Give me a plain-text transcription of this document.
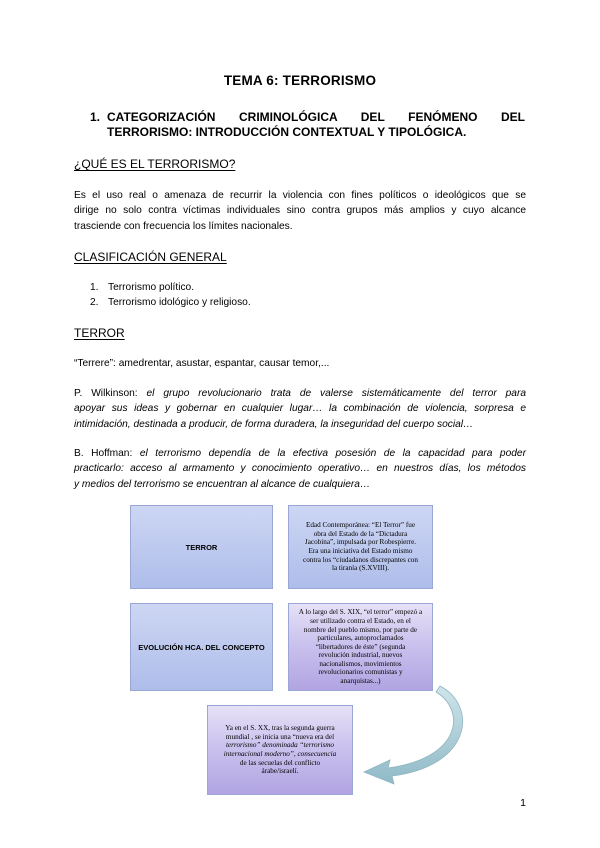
TEMA 6: TERRORISMO
1. CATEGORIZACIÓN CRIMINOLÓGICA DEL FENÓMENO DEL
TERRORISMO: INTRODUCCIÓN CONTEXTUAL Y TIPOLÓGICA.
¿QUÉ ES EL TERRORISMO?
Es el uso real o amenaza de recurrir la violencia con fines políticos o ideológicos que se
dirige no solo contra víctimas individuales sino contra grupos más amplios y cuyo alcance
trasciende con frecuencia los límites nacionales.
CLASIFICACIÓN GENERAL
1. Terrorismo político.
2. Terrorismo idológico y religioso.
TERROR
“Terrere”: amedrentar, asustar, espantar, causar temor,...
P. Wilkinson: el grupo revolucionario trata de valerse sistemáticamente del terror para
apoyar sus ideas y gobernar en cualquier lugar… la combinación de violencia, sorpresa e
intimidación, destinada a producir, de forma duradera, la inseguridad del cuerpo social…
B. Hoffman: el terrorismo dependía de la efectiva posesión de la capacidad para poder
practicarlo: acceso al armamento y conocimiento operativo… en nuestros días, los métodos
y medios del terrorismo se encuentran al alcance de cualquiera…
TERROR
Edad Contemporánea: “El Terror” fue
obra del Estado de la “Dictadura
Jacobina”, impulsada por Robespierre.
Era una iniciativa del Estado mismo
contra los “ciudadanos discrepantes con
la tiranía (S.XVIII).
EVOLUCIÓN HCA. DEL CONCEPTO
A lo largo del S. XIX, “el terror” empezó a
ser utilizado contra el Estado, en el
nombre del pueblo mismo, por parte de
particulares, autoproclamados
“libertadores de éste” (segunda
revolución industrial, nuevos
nacionalismos, movimientos
revolucionarios comunistas y
anarquistas...)
Ya en el S. XX, tras la segunda guerra
mundial , se inicia una “nueva era del
terrorismo” denominada “terrorismo
internacional moderno”, consecuencia
de las secuelas del conflicto
árabe/israelí.
1
